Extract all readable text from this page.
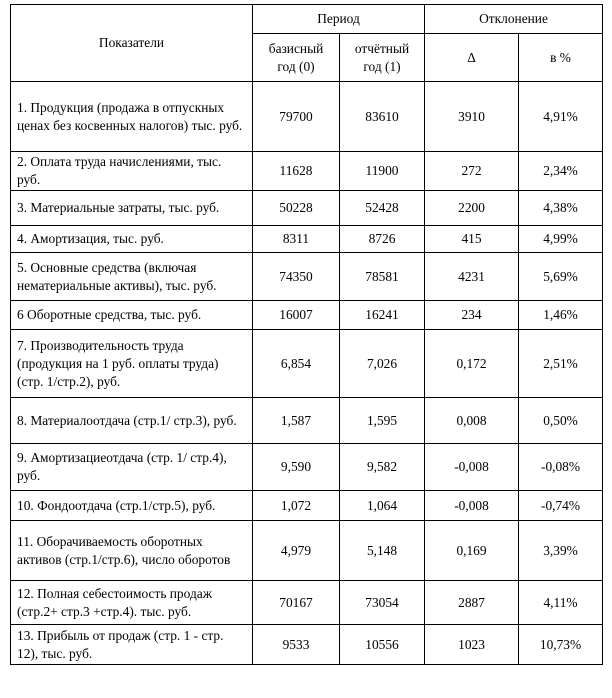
Показатели	Период		Отклонение	
	базисный год (0)	отчётный год (1)	Δ	в %

1. Продукция (продажа в отпускных ценах без косвенных налогов) тыс. руб.	79700	83610	3910	4,91%

2. Оплата труда начислениями, тыс. руб.	11628	11900	272	2,34%

3. Материальные затраты, тыс. руб.	50228	52428	2200	4,38%

4. Амортизация, тыс. руб.	8311	8726	415	4,99%

5. Основные средства (включая нематериальные активы), тыс. руб.	74350	78581	4231	5,69%

6 Оборотные средства, тыс. руб.	16007	16241	234	1,46%

7. Производительность труда (продукция на 1 руб. оплаты труда) (стр. 1/стр.2), руб.	6,854	7,026	0,172	2,51%

8. Материалоотдача (стр.1/ стр.3), руб.	1,587	1,595	0,008	0,50%

9. Амортизациеотдача (стр. 1/ стр.4), руб.	9,590	9,582	-0,008	-0,08%

10. Фондоотдача (стр.1/стр.5), руб.	1,072	1,064	-0,008	-0,74%

11. Оборачиваемость оборотных активов (стр.1/стр.6), число оборотов	4,979	5,148	0,169	3,39%

12. Полная себестоимость продаж (стр.2+ стр.3 +стр.4). тыс. руб.	70167	73054	2887	4,11%

13. Прибыль от продаж (стр. 1 - стр. 12), тыс. руб.	9533	10556	1023	10,73%
